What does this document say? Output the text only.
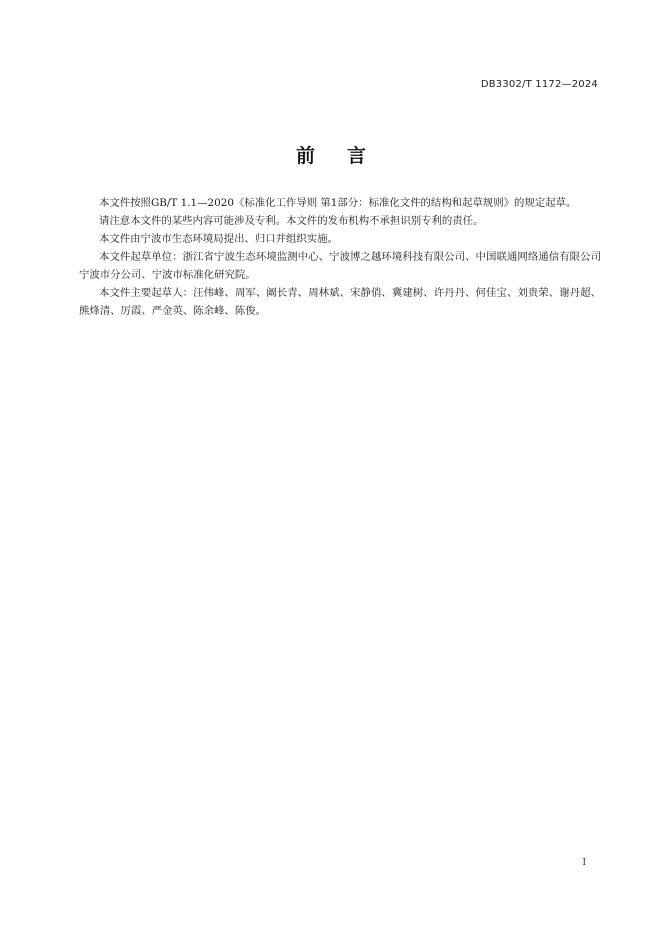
DB3302/T 1172—2024
前 言

本文件按照GB/T 1.1—2020《标准化工作导则 第1部分：标准化文件的结构和起草规则》的规定起草。

请注意本文件的某些内容可能涉及专利。本文件的发布机构不承担识别专利的责任。

本文件由宁波市生态环境局提出、归口并组织实施。

本文件起草单位：浙江省宁波生态环境监测中心、宁波博之越环境科技有限公司、中国联通网络通信有限公司宁波市分公司、宁波市标准化研究院。

本文件主要起草人：汪伟峰、周军、阚长青、周林斌、宋静俏、冀建树、许丹丹、何佳宝、刘贵荣、谢丹超、熊烽清、厉霞、严金英、陈余峰、陈俊。

I
